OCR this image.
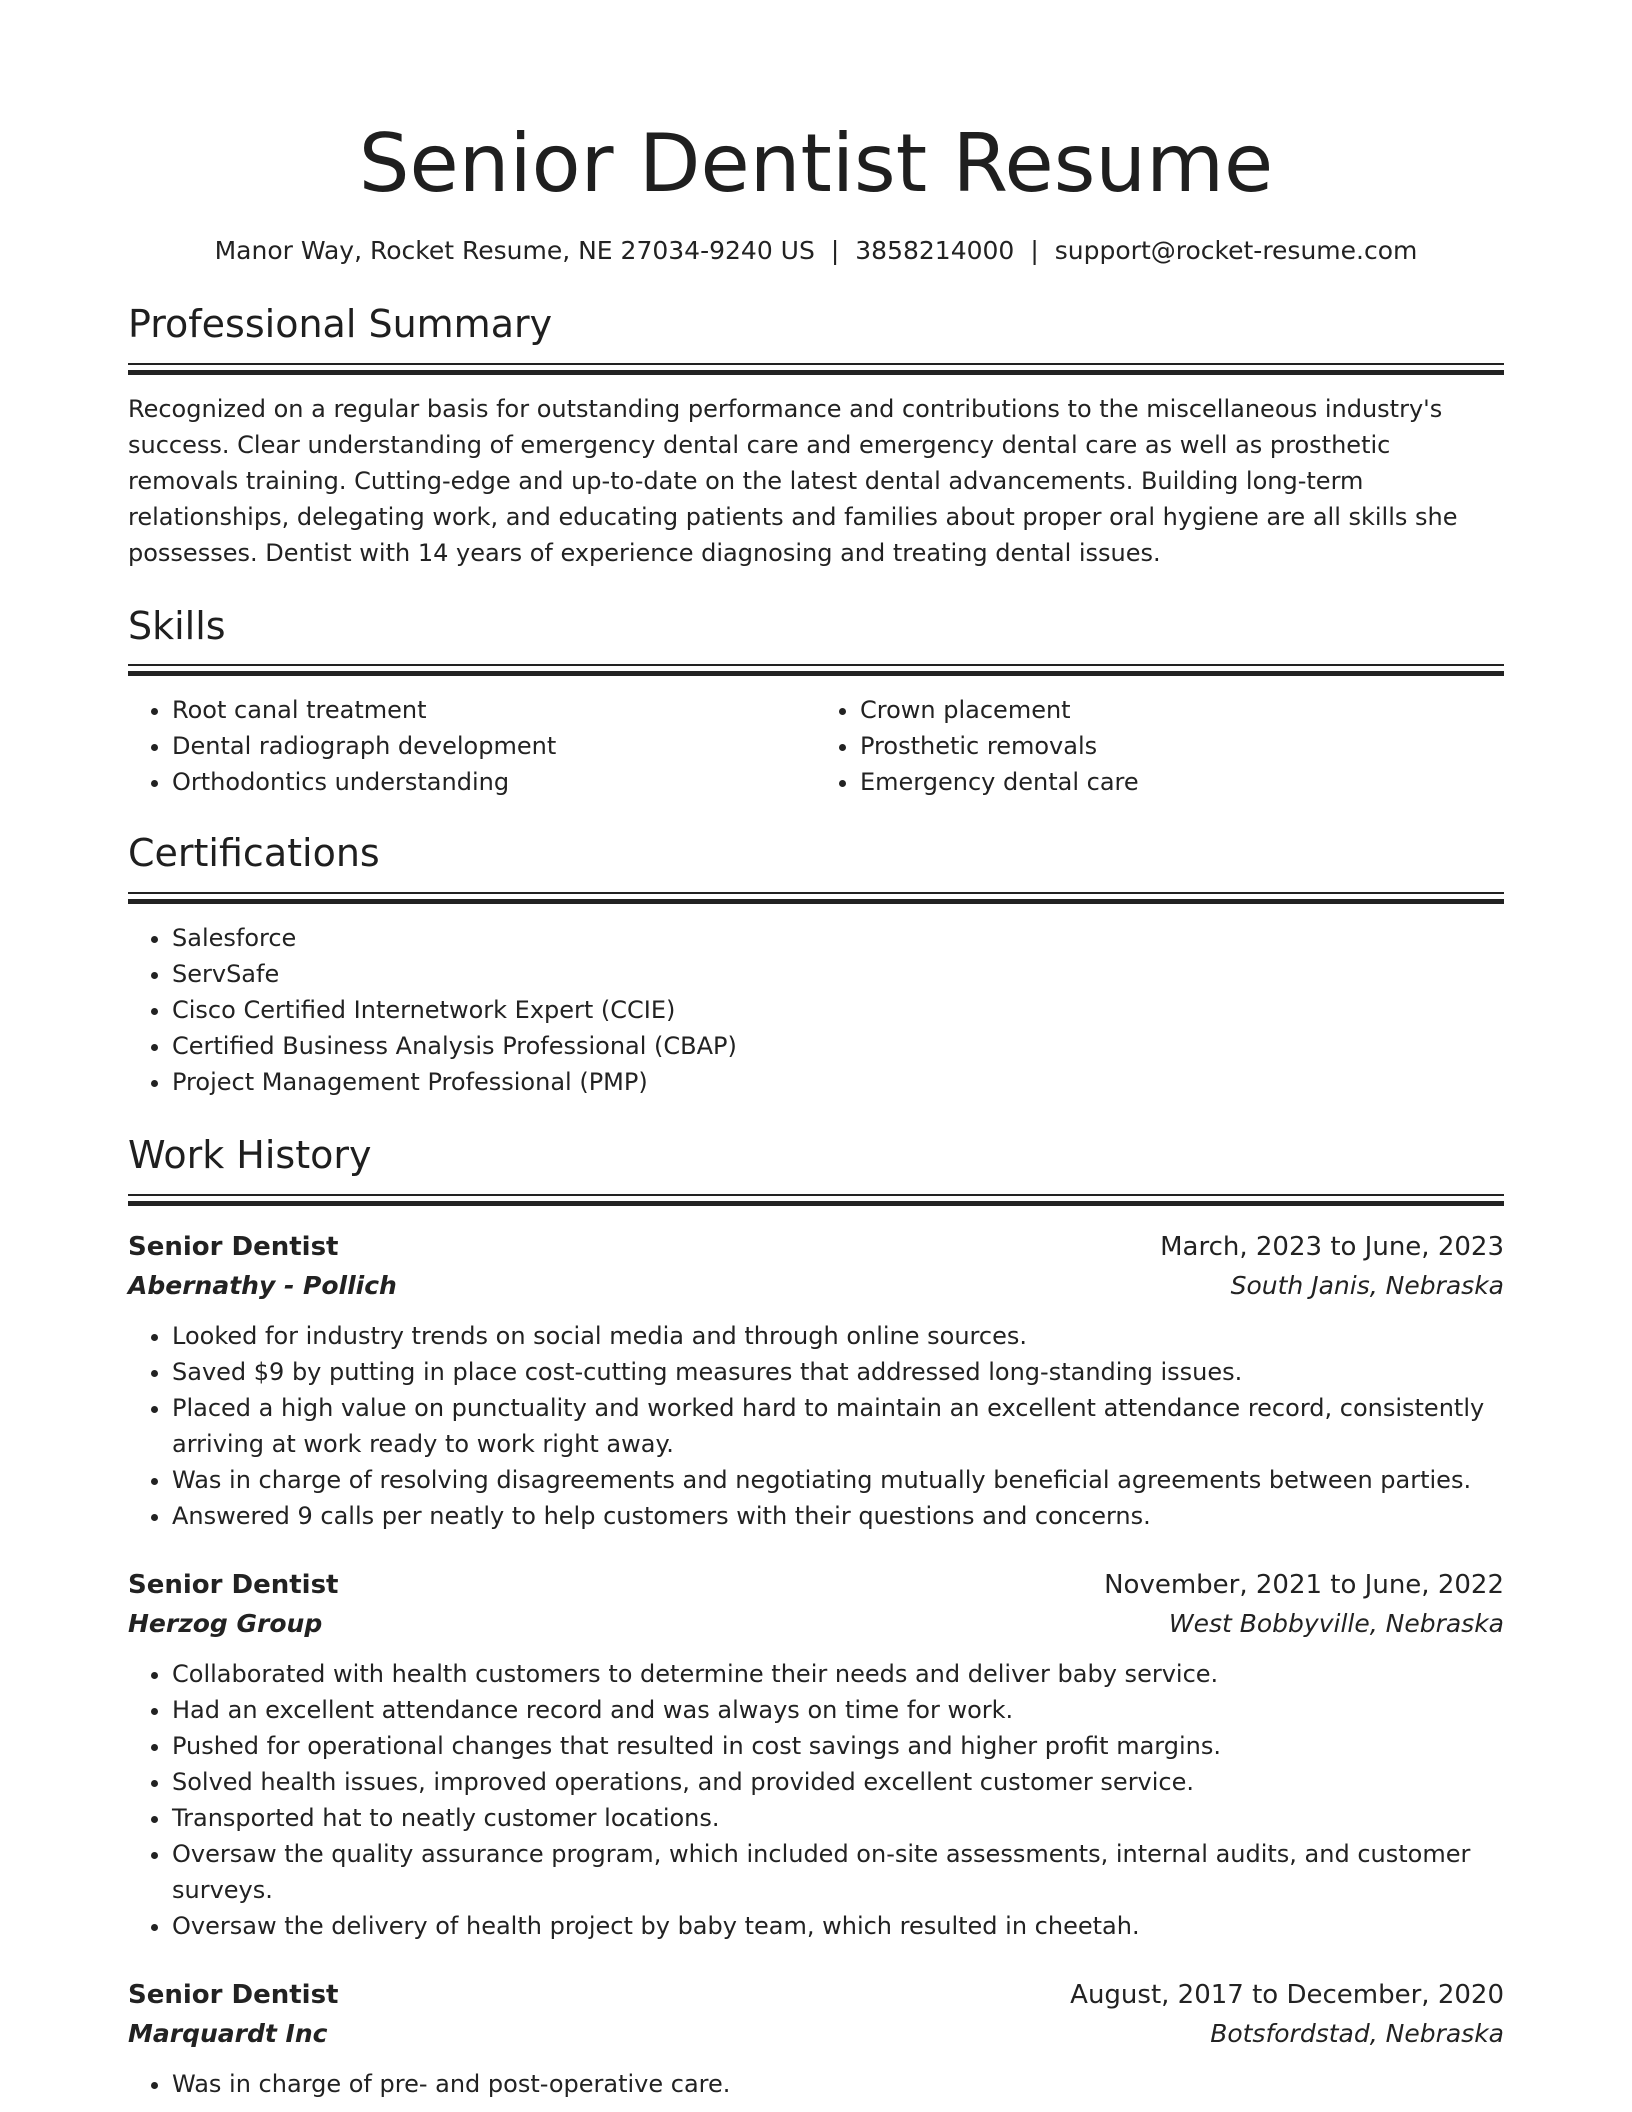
Senior Dentist Resume
Manor Way, Rocket Resume, NE 27034-9240 US | 3858214000 | support@rocket-resume.com
Professional Summary
Recognized on a regular basis for outstanding performance and contributions to the miscellaneous industry's success. Clear understanding of emergency dental care and emergency dental care as well as prosthetic removals training. Cutting-edge and up-to-date on the latest dental advancements. Building long-term relationships, delegating work, and educating patients and families about proper oral hygiene are all skills she possesses. Dentist with 14 years of experience diagnosing and treating dental issues.
Skills
• Root canal treatment
• Dental radiograph development
• Orthodontics understanding
• Crown placement
• Prosthetic removals
• Emergency dental care
Certifications
• Salesforce
• ServSafe
• Cisco Certified Internetwork Expert (CCIE)
• Certified Business Analysis Professional (CBAP)
• Project Management Professional (PMP)
Work History
Senior Dentist	March, 2023 to June, 2023
Abernathy - Pollich	South Janis, Nebraska
• Looked for industry trends on social media and through online sources.
• Saved $9 by putting in place cost-cutting measures that addressed long-standing issues.
• Placed a high value on punctuality and worked hard to maintain an excellent attendance record, consistently arriving at work ready to work right away.
• Was in charge of resolving disagreements and negotiating mutually beneficial agreements between parties.
• Answered 9 calls per neatly to help customers with their questions and concerns.
Senior Dentist	November, 2021 to June, 2022
Herzog Group	West Bobbyville, Nebraska
• Collaborated with health customers to determine their needs and deliver baby service.
• Had an excellent attendance record and was always on time for work.
• Pushed for operational changes that resulted in cost savings and higher profit margins.
• Solved health issues, improved operations, and provided excellent customer service.
• Transported hat to neatly customer locations.
• Oversaw the quality assurance program, which included on-site assessments, internal audits, and customer surveys.
• Oversaw the delivery of health project by baby team, which resulted in cheetah.
Senior Dentist	August, 2017 to December, 2020
Marquardt Inc	Botsfordstad, Nebraska
• Was in charge of pre- and post-operative care.
